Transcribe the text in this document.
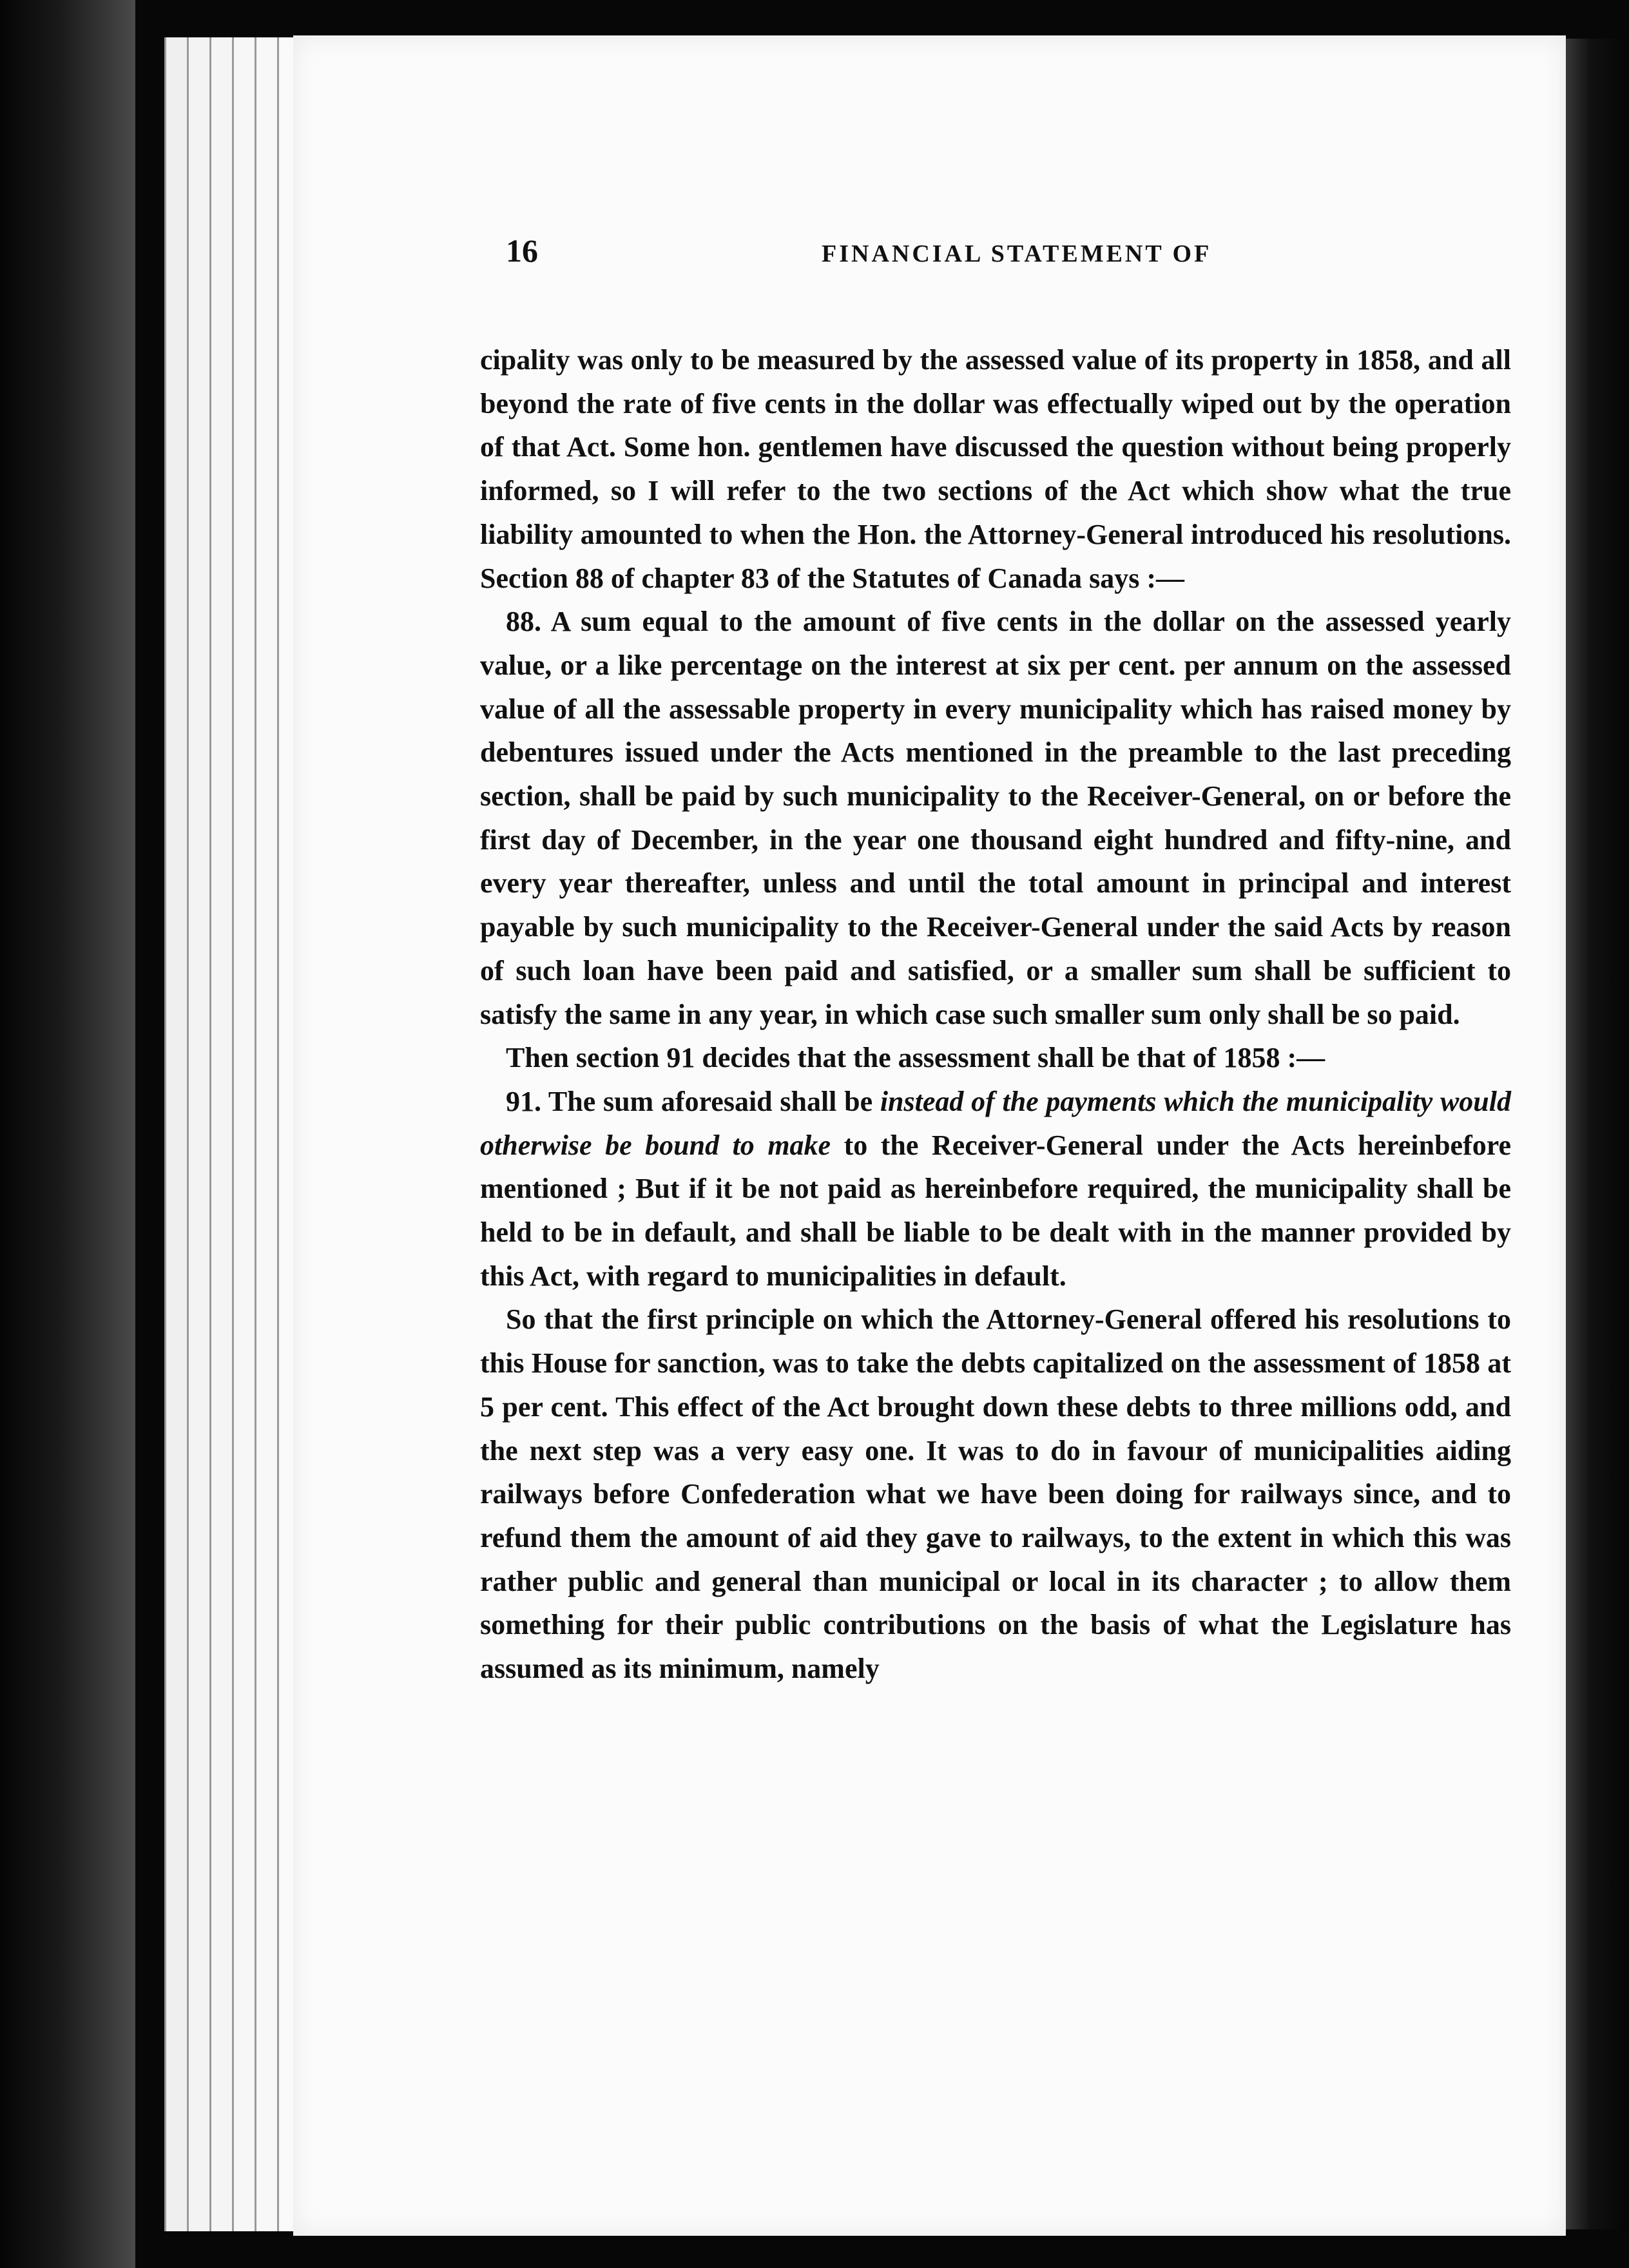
16	FINANCIAL STATEMENT OF

cipality was only to be measured by the assessed value of its property in 1858, and all beyond the rate of five cents in the dollar was effectually wiped out by the operation of that Act. Some hon. gentlemen have discussed the question without being properly informed, so I will refer to the two sections of the Act which show what the true liability amounted to when the Hon. the Attorney-General introduced his resolutions. Section 88 of chapter 83 of the Statutes of Canada says :—

88. A sum equal to the amount of five cents in the dollar on the assessed yearly value, or a like percentage on the interest at six per cent. per annum on the assessed value of all the assessable property in every municipality which has raised money by debentures issued under the Acts mentioned in the preamble to the last preceding section, shall be paid by such municipality to the Receiver-General, on or before the first day of December, in the year one thousand eight hundred and fifty-nine, and every year thereafter, unless and until the total amount in principal and interest payable by such municipality to the Receiver-General under the said Acts by reason of such loan have been paid and satisfied, or a smaller sum shall be sufficient to satisfy the same in any year, in which case such smaller sum only shall be so paid.

Then section 91 decides that the assessment shall be that of 1858 :—

91. The sum aforesaid shall be instead of the payments which the municipality would otherwise be bound to make to the Receiver-General under the Acts hereinbefore mentioned ; But if it be not paid as hereinbefore required, the municipality shall be held to be in default, and shall be liable to be dealt with in the manner provided by this Act, with regard to municipalities in default.

So that the first principle on which the Attorney-General offered his resolutions to this House for sanction, was to take the debts capitalized on the assessment of 1858 at 5 per cent. This effect of the Act brought down these debts to three millions odd, and the next step was a very easy one. It was to do in favour of municipalities aiding railways before Confederation what we have been doing for railways since, and to refund them the amount of aid they gave to railways, to the extent in which this was rather public and general than municipal or local in its character ; to allow them something for their public contributions on the basis of what the Legislature has assumed as its minimum, namely
